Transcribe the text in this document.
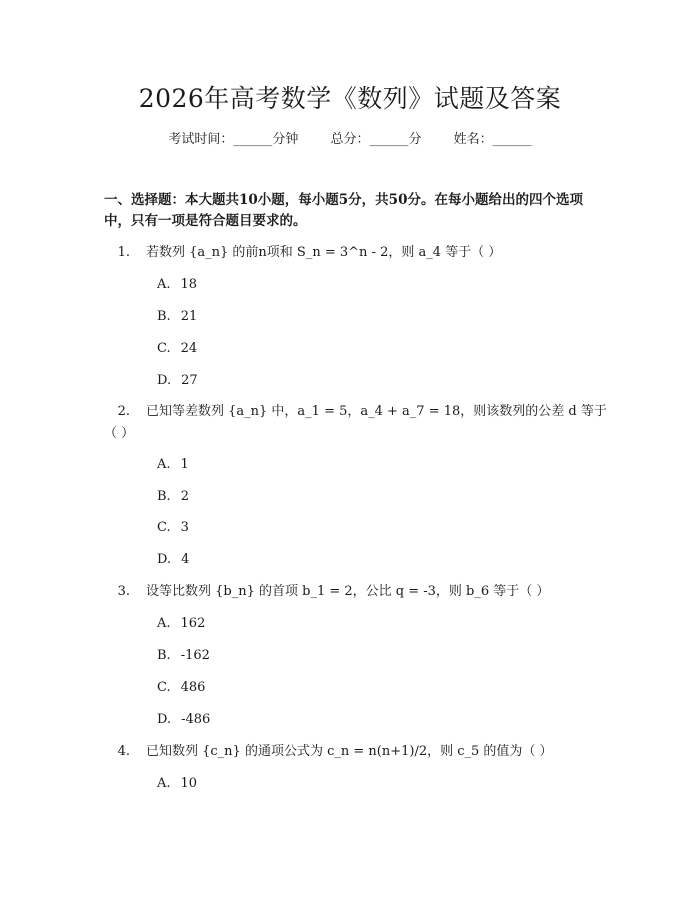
2026年高考数学《数列》试题及答案
考试时间：______分钟 总分：______分 姓名：______
一、选择题：本大题共10小题，每小题5分，共50分。在每小题给出的四个选项中，只有一项是符合题目要求的。
1. 若数列 {a_n} 的前n项和 S_n = 3^n - 2，则 a_4 等于（ ）
A. 18
B. 21
C. 24
D. 27
2. 已知等差数列 {a_n} 中，a_1 = 5，a_4 + a_7 = 18，则该数列的公差 d 等于（ ）
A. 1
B. 2
C. 3
D. 4
3. 设等比数列 {b_n} 的首项 b_1 = 2，公比 q = -3，则 b_6 等于（ ）
A. 162
B. -162
C. 486
D. -486
4. 已知数列 {c_n} 的通项公式为 c_n = n(n+1)/2，则 c_5 的值为（ ）
A. 10
